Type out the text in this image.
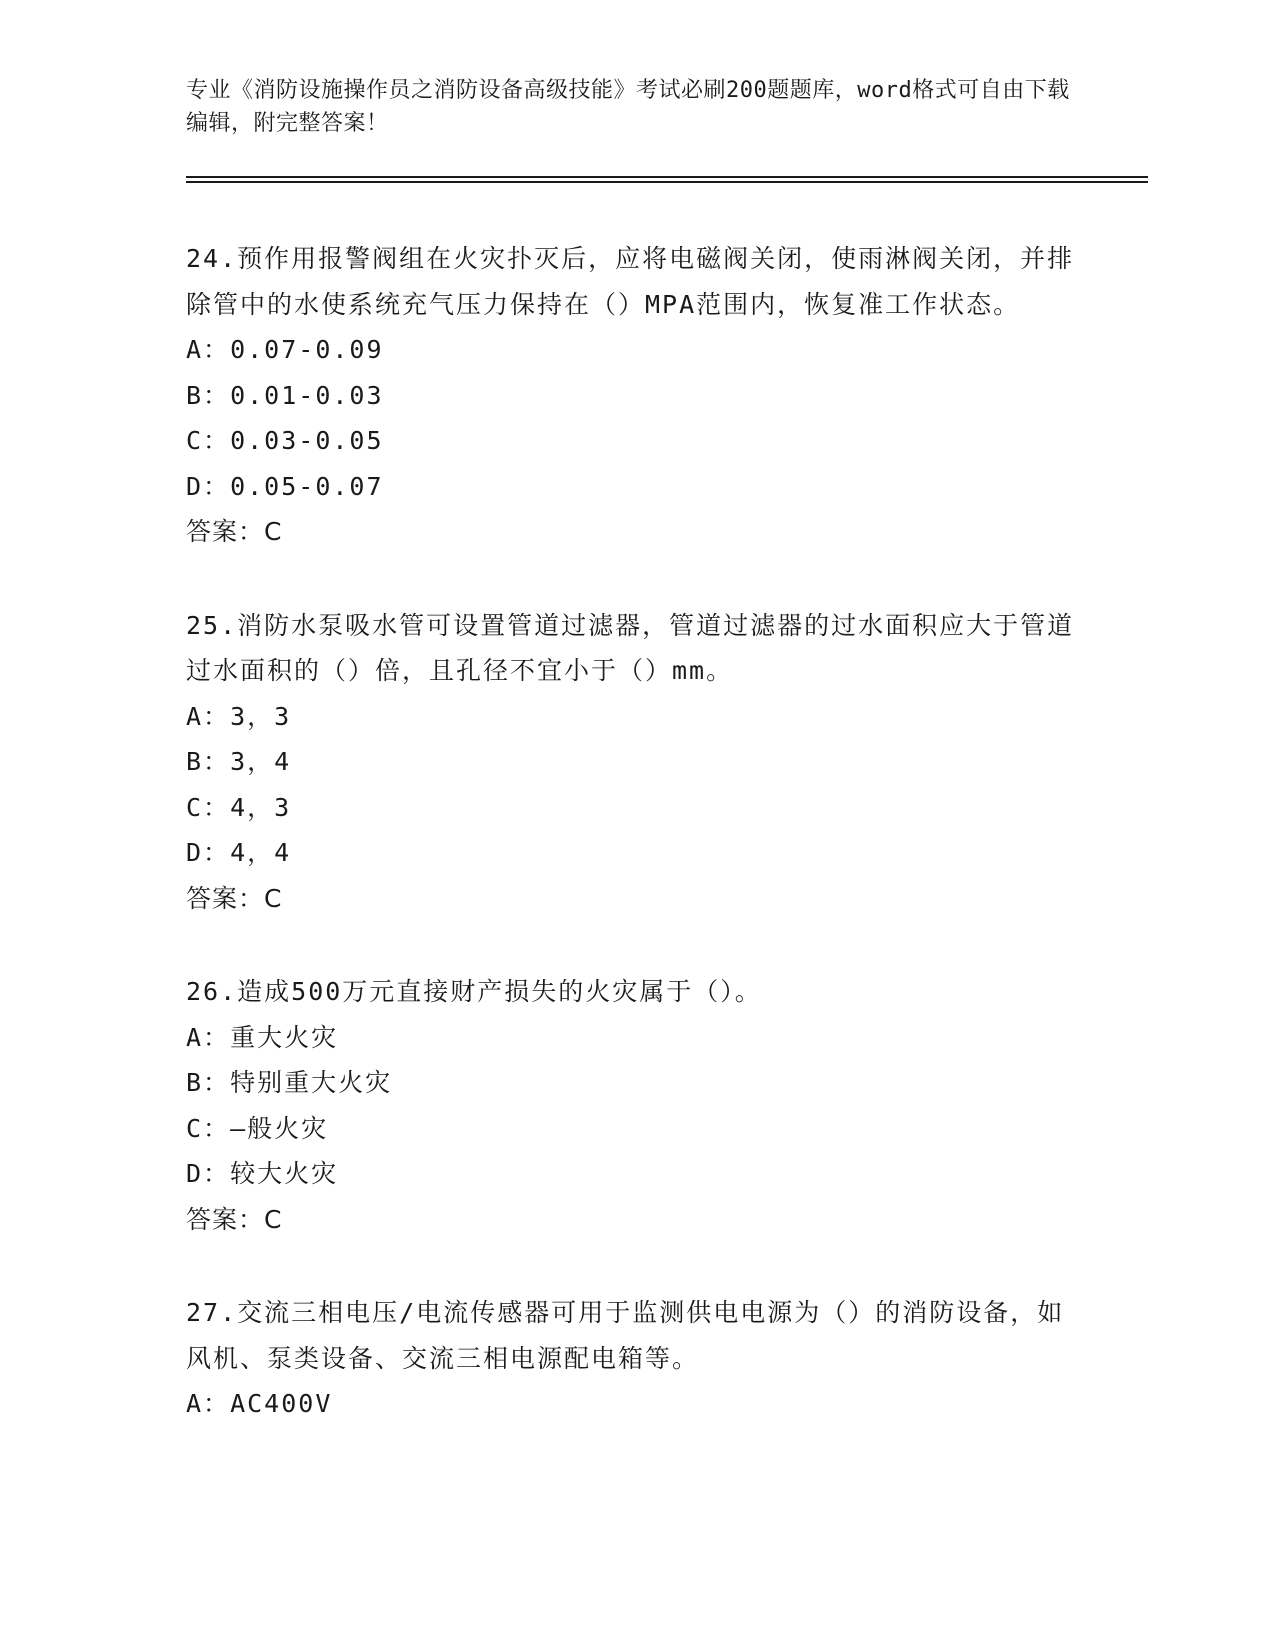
专业《消防设施操作员之消防设备高级技能》考试必刷200题题库，word格式可自由下载编辑，附完整答案！
24.预作用报警阀组在火灾扑灭后，应将电磁阀关闭，使雨淋阀关闭，并排除管中的水使系统充气压力保持在（）MPA范围内，恢复准工作状态。
A： 0.07-0.09
B： 0.01-0.03
C： 0.03-0.05
D： 0.05-0.07
答案： C
25.消防水泵吸水管可设置管道过滤器，管道过滤器的过水面积应大于管道过水面积的（）倍，且孔径不宜小于（）mm。
A： 3，3
B： 3，4
C： 4，3
D： 4，4
答案： C
26.造成500万元直接财产损失的火灾属于（）。
A： 重大火灾
B： 特别重大火灾
C： —般火灾
D： 较大火灾
答案： C
27.交流三相电压/电流传感器可用于监测供电电源为（）的消防设备，如风机、泵类设备、交流三相电源配电箱等。
A： AC400V
